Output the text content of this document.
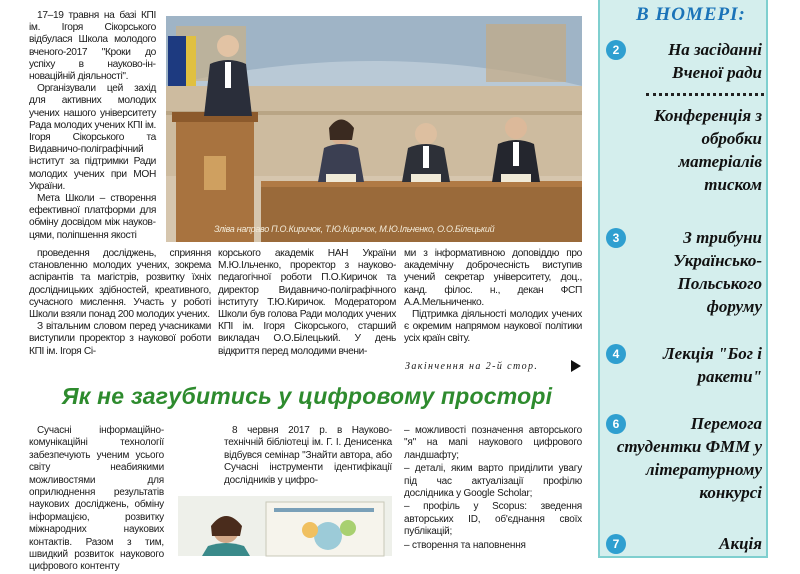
17–19 травня на базі КПІ ім. Ігоря Сікорського відбулася Школа молодого вченого-2017 "Кроки до успіху в науково-інноваційній діяльності".

Організували цей захід для активних молодих учених нашого університету Рада молодих учених КПІ ім. Ігоря Сікорського та Видавничо-поліграфічний інститут за підтримки Ради молодих учених при МОН України.

Мета Школи – створення ефективної платформи для обміну досвідом між науковцями, поліпшення якості

Зліва направо П.О.Киричок, Т.Ю.Киричок, М.Ю.Ільченко, О.О.Білецький

проведення досліджень, сприяння становленню молодих учених, зокрема аспірантів та магістрів, розвитку їхніх дослідницьких здібностей, креативного, сучасного мислення. Участь у роботі Школи взяли понад 200 молодих учених.

З вітальним словом перед учасниками виступили проректор з наукової роботи КПІ ім. Ігоря Сі-

корського академік НАН України М.Ю.Ільченко, проректор з науково-педагогічної роботи П.О.Киричок та директор Видавничо-поліграфічного інституту Т.Ю.Киричок. Модератором Школи був голова Ради молодих учених КПІ ім. Ігоря Сікорського, старший викладач О.О.Білецький. У день відкриття перед молодими вчени-

ми з інформативною доповіддю про академічну доброчесність виступив учений секретар університету, доц., канд. філос. н., декан ФСП А.А.Мельниченко.

Підтримка діяльності молодих учених є окремим напрямом наукової політики усіх країн світу.

Закінчення на 2-й стор.
Як не загубитись у цифровому просторі

Сучасні інформаційно-комунікаційні технології забезпечують ученим усього світу неабиякими можливостями для оприлюднення результатів наукових досліджень, обміну інформацією, розвитку міжнародних наукових контактів. Разом з тим, швидкий розвиток наукового цифрового контенту

8 червня 2017 р. в Науково-технічній бібліотеці ім. Г. І. Денисенка відбувся семінар "Знайти автора, або Сучасні інструменти ідентифікації дослідників у цифро-

– можливості позначення авторського "я" на мапі наукового цифрового ландшафту;

– деталі, яким варто приділити увагу під час актуалізації профілю дослідника у Google Scholar;

– профіль у Scopus: зведення авторських ID, об'єднання своїх публікацій;

– створення та наповнення

В НОМЕРІ:
2	На засіданні Вченої ради
Конференція з обробки матеріалів тиском
3	З трибуни Українсько-Польського форуму
4	Лекція "Бог і ракети"
6	Перемога студентки ФММ у літературному конкурсі
7	Акція
